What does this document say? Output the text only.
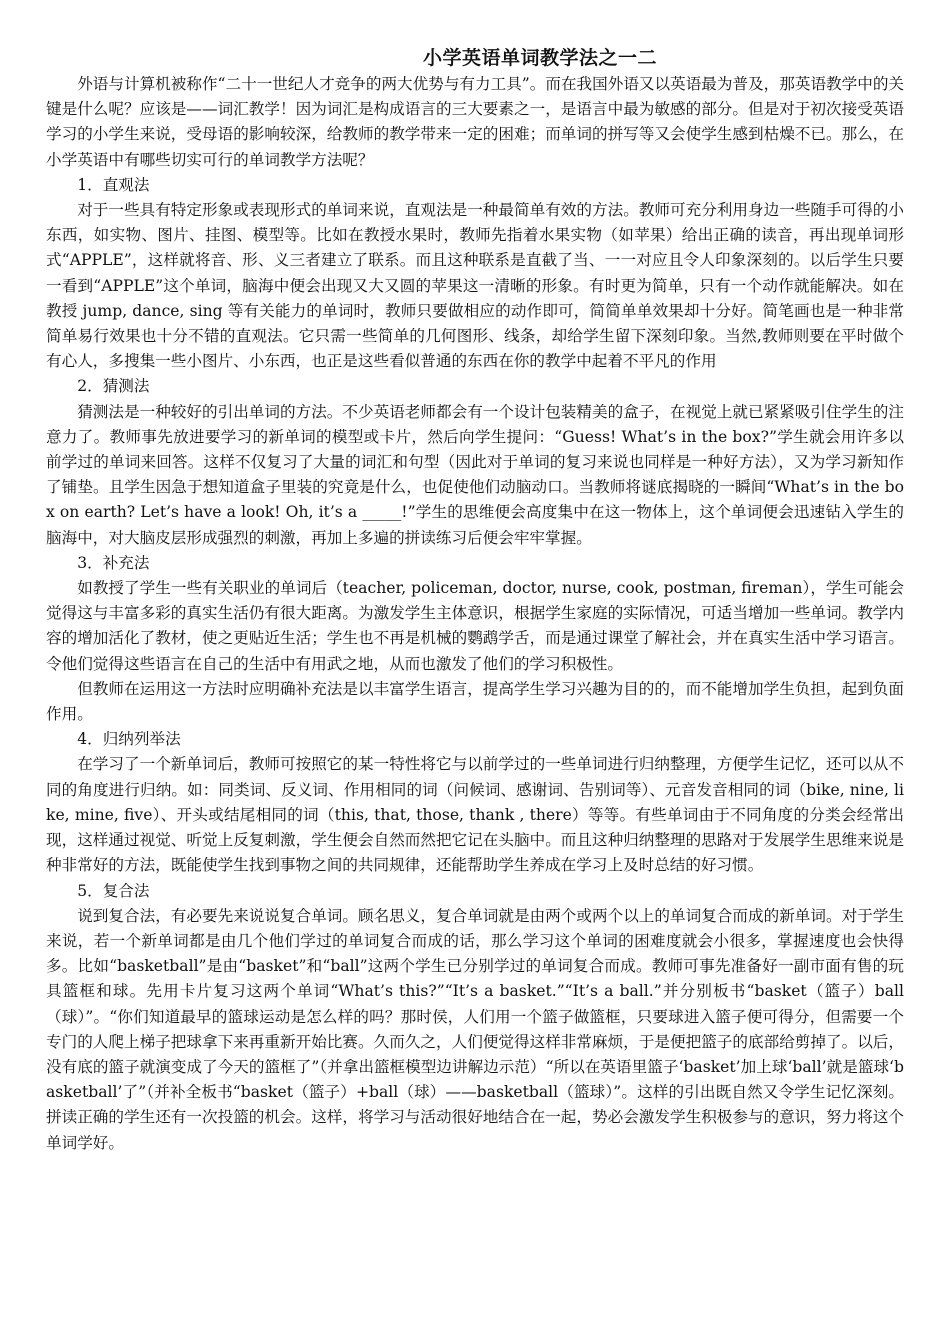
小学英语单词教学法之一二

外语与计算机被称作“二十一世纪人才竞争的两大优势与有力工具”。而在我国外语又以英语最为普及，那英语教学中的关键是什么呢？应该是——词汇教学！因为词汇是构成语言的三大要素之一，是语言中最为敏感的部分。但是对于初次接受英语学习的小学生来说，受母语的影响较深，给教师的教学带来一定的困难；而单词的拼写等又会使学生感到枯燥不已。那么，在小学英语中有哪些切实可行的单词教学方法呢？

1．直观法

对于一些具有特定形象或表现形式的单词来说，直观法是一种最简单有效的方法。教师可充分利用身边一些随手可得的小东西，如实物、图片、挂图、模型等。比如在教授水果时，教师先指着水果实物（如苹果）给出正确的读音，再出现单词形式“APPLE”，这样就将音、形、义三者建立了联系。而且这种联系是直截了当、一一对应且令人印象深刻的。以后学生只要一看到“APPLE”这个单词，脑海中便会出现又大又圆的苹果这一清晰的形象。有时更为简单，只有一个动作就能解决。如在教授 jump, dance, sing 等有关能力的单词时，教师只要做相应的动作即可，简简单单效果却十分好。简笔画也是一种非常简单易行效果也十分不错的直观法。它只需一些简单的几何图形、线条，却给学生留下深刻印象。当然,教师则要在平时做个有心人，多搜集一些小图片、小东西，也正是这些看似普通的东西在你的教学中起着不平凡的作用

2．猜测法

猜测法是一种较好的引出单词的方法。不少英语老师都会有一个设计包装精美的盒子，在视觉上就已紧紧吸引住学生的注意力了。教师事先放进要学习的新单词的模型或卡片，然后向学生提问：“Guess! What’s in the box?”学生就会用许多以前学过的单词来回答。这样不仅复习了大量的词汇和句型（因此对于单词的复习来说也同样是一种好方法），又为学习新知作了铺垫。且学生因急于想知道盒子里装的究竟是什么，也促使他们动脑动口。当教师将谜底揭晓的一瞬间“What’s in the box on earth? Let’s have a look! Oh, it’s a _____!”学生的思维便会高度集中在这一物体上，这个单词便会迅速钻入学生的脑海中，对大脑皮层形成强烈的刺激，再加上多遍的拼读练习后便会牢牢掌握。

3．补充法

如教授了学生一些有关职业的单词后（teacher, policeman, doctor, nurse, cook, postman, fireman），学生可能会觉得这与丰富多彩的真实生活仍有很大距离。为激发学生主体意识，根据学生家庭的实际情况，可适当增加一些单词。教学内容的增加活化了教材，使之更贴近生活；学生也不再是机械的鹦鹉学舌，而是通过课堂了解社会，并在真实生活中学习语言。令他们觉得这些语言在自己的生活中有用武之地，从而也激发了他们的学习积极性。

但教师在运用这一方法时应明确补充法是以丰富学生语言，提高学生学习兴趣为目的的，而不能增加学生负担，起到负面作用。

4．归纳列举法

在学习了一个新单词后，教师可按照它的某一特性将它与以前学过的一些单词进行归纳整理，方便学生记忆，还可以从不同的角度进行归纳。如：同类词、反义词、作用相同的词（问候词、感谢词、告别词等）、元音发音相同的词（bike, nine, like, mine, five）、开头或结尾相同的词（this, that, those, thank , there）等等。有些单词由于不同角度的分类会经常出现，这样通过视觉、听觉上反复刺激，学生便会自然而然把它记在头脑中。而且这种归纳整理的思路对于发展学生思维来说是种非常好的方法，既能使学生找到事物之间的共同规律，还能帮助学生养成在学习上及时总结的好习惯。

5．复合法

说到复合法，有必要先来说说复合单词。顾名思义，复合单词就是由两个或两个以上的单词复合而成的新单词。对于学生来说，若一个新单词都是由几个他们学过的单词复合而成的话，那么学习这个单词的困难度就会小很多，掌握速度也会快得多。比如“basketball”是由“basket”和“ball”这两个学生已分别学过的单词复合而成。教师可事先准备好一副市面有售的玩具篮框和球。先用卡片复习这两个单词“What’s this?”“It’s a basket.”“It’s a ball.”并分别板书“basket（篮子）ball（球）”。“你们知道最早的篮球运动是怎么样的吗？那时侯，人们用一个篮子做篮框，只要球进入篮子便可得分，但需要一个专门的人爬上梯子把球拿下来再重新开始比赛。久而久之，人们便觉得这样非常麻烦，于是便把篮子的底部给剪掉了。以后，没有底的篮子就演变成了今天的篮框了”（并拿出篮框模型边讲解边示范）“所以在英语里篮子‘basket’加上球‘ball’就是篮球‘basketball’了”（并补全板书“basket（篮子）+ball（球）——basketball（篮球）”。这样的引出既自然又令学生记忆深刻。拼读正确的学生还有一次投篮的机会。这样，将学习与活动很好地结合在一起，势必会激发学生积极参与的意识，努力将这个单词学好。
